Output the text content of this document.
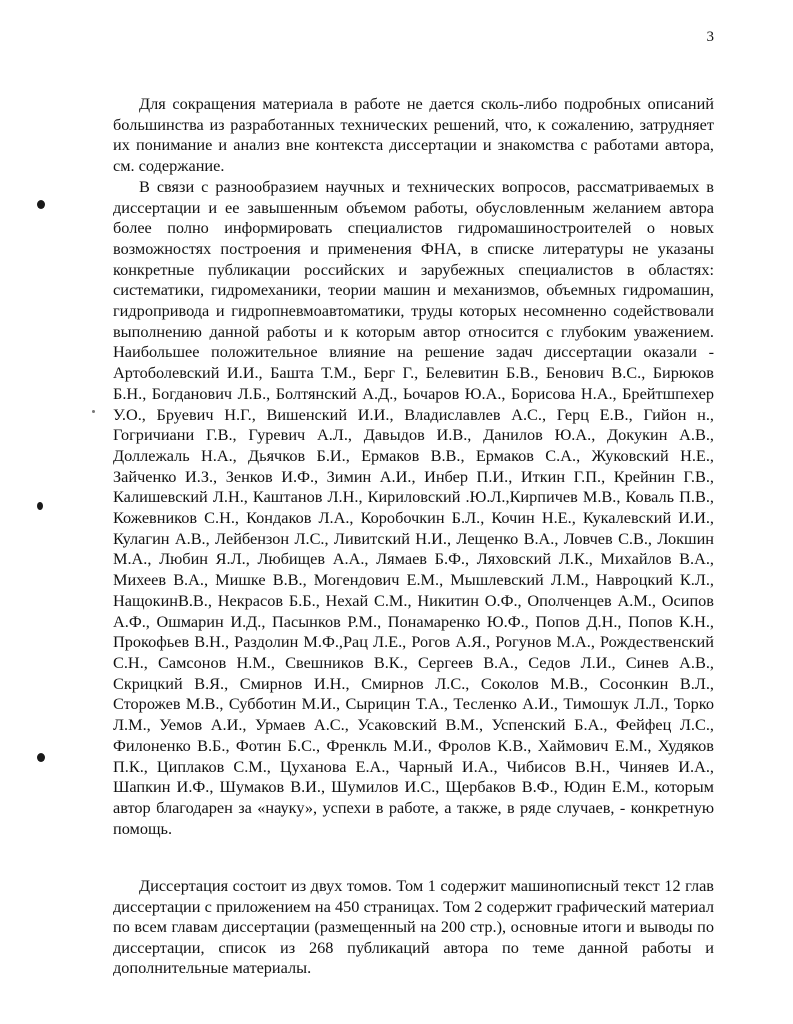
3

Для сокращения материала в работе не дается сколь-либо подробных описаний большинства из разработанных технических решений, что, к сожалению, затрудняет их понимание и анализ вне контекста диссертации и знакомства с работами автора, см. содержание.

В связи с разнообразием научных и технических вопросов, рассматриваемых в диссертации и ее завышенным объемом работы, обусловленным желанием автора более полно информировать специалистов гидромашиностроителей о новых возможностях построения и применения ФНА, в списке литературы не указаны конкретные публикации российских и зарубежных специалистов в областях: систематики, гидромеханики, теории машин и механизмов, объемных гидромашин, гидропривода и гидропневмоавтоматики, труды которых несомненно содействовали выполнению данной работы и к которым автор относится с глубоким уважением. Наибольшее положительное влияние на решение задач диссертации оказали - Артоболевский И.И., Башта Т.М., Берг Г., Белевитин Б.В., Бенович В.С., Бирюков Б.Н., Богданович Л.Б., Болтянский А.Д., Ьочаров Ю.А., Борисова Н.А., Брейтшпехер У.О., Бруевич Н.Г., Вишенский И.И., Владиславлев А.С., Герц Е.В., Гийон н., Гогричиани Г.В., Гуревич А.Л., Давыдов И.В., Данилов Ю.А., Докукин А.В., Доллежаль Н.А., Дьячков Б.И., Ермаков В.В., Ермаков С.А., Жуковский Н.Е., Зайченко И.З., Зенков И.Ф., Зимин А.И., Инбер П.И., Иткин Г.П., Крейнин Г.В., Калишевский Л.Н., Каштанов Л.Н., Кириловский .Ю.Л.,Кирпичев М.В., Коваль П.В., Кожевников С.Н., Кондаков Л.А., Коробочкин Б.Л., Кочин Н.Е., Кукалевский И.И., Кулагин А.В., Лейбензон Л.С., Ливитский Н.И., Лещенко В.А., Ловчев С.В., Локшин М.А., Любин Я.Л., Любищев А.А., Лямаев Б.Ф., Ляховский Л.К., Михайлов В.А., Михеев В.А., Мишке В.В., Могендович Е.М., Мышлевский Л.М., Навроцкий К.Л., НащокинВ.В., Некрасов Б.Б., Нехай С.М., Никитин О.Ф., Ополченцев А.М., Осипов А.Ф., Ошмарин И.Д., Пасынков Р.М., Понамаренко Ю.Ф., Попов Д.Н., Попов К.Н., Прокофьев В.Н., Раздолин М.Ф.,Рац Л.Е., Рогов А.Я., Рогунов М.А., Рождественский С.Н., Самсонов Н.М., Свешников В.К., Сергеев В.А., Седов Л.И., Синев А.В., Скрицкий В.Я., Смирнов И.Н., Смирнов Л.С., Соколов М.В., Сосонкин В.Л., Сторожев М.В., Субботин М.И., Сырицин Т.А., Тесленко А.И., Тимошук Л.Л., Торко Л.М., Уемов А.И., Урмаев А.С., Усаковский В.М., Успенский Б.А., Фейфец Л.С., Филоненко В.Б., Фотин Б.С., Френкль М.И., Фролов К.В., Хаймович Е.М., Худяков П.К., Циплаков С.М., Цуханова Е.А., Чарный И.А., Чибисов В.Н., Чиняев И.А., Шапкин И.Ф., Шумаков В.И., Шумилов И.С., Щербаков В.Ф., Юдин Е.М., которым автор благодарен за «науку», успехи в работе, а также, в ряде случаев, - конкретную помощь.

Диссертация состоит из двух томов. Том 1 содержит машинописный текст 12 глав диссертации с приложением на 450 страницах. Том 2 содержит графический материал по всем главам диссертации (размещенный на 200 стр.), основные итоги и выводы по диссертации, список из 268 публикаций автора по теме данной работы и дополнительные материалы.
